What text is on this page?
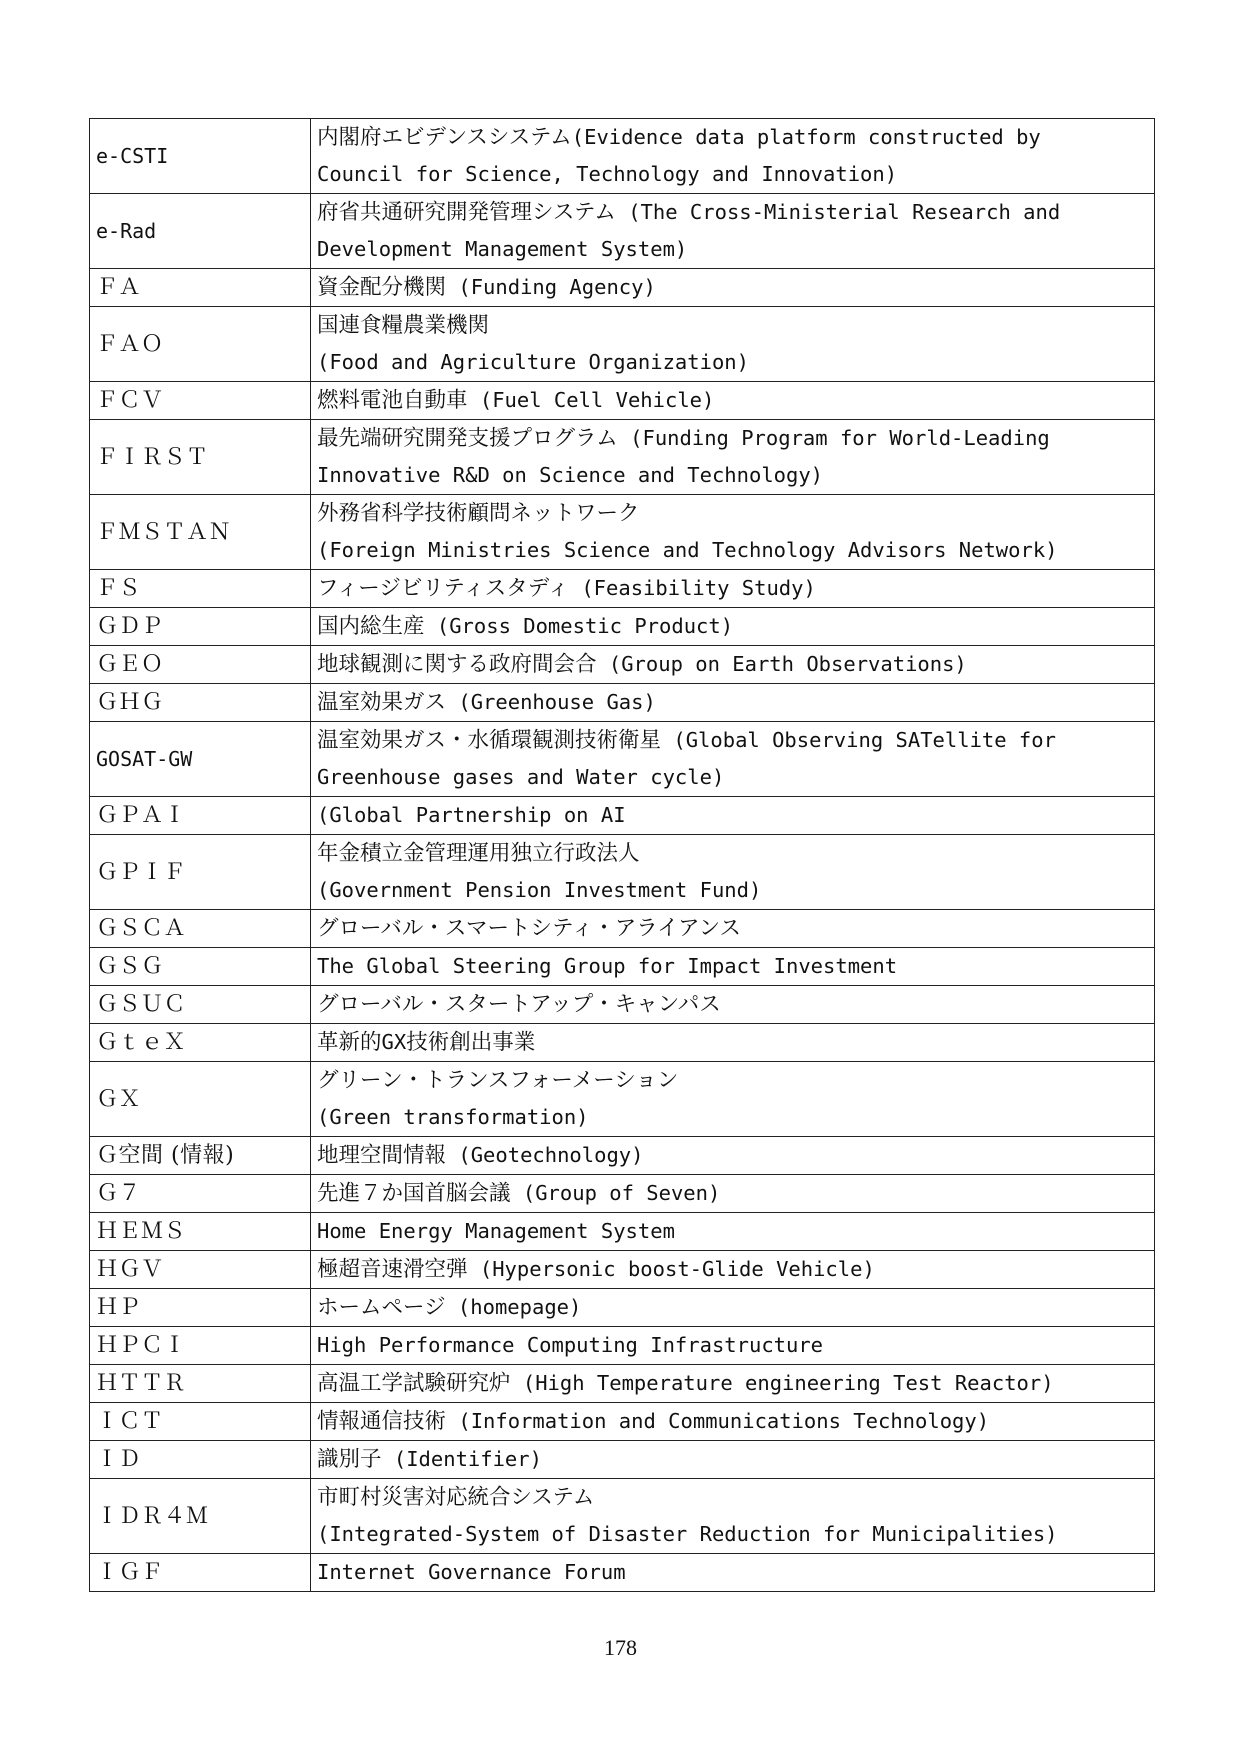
e-CSTI	内閣府エビデンスシステム(Evidence data platform constructed by
Council for Science, Technology and Innovation)

e-Rad	府省共通研究開発管理システム (The Cross-Ministerial Research and
Development Management System)

ＦＡ	資金配分機関 (Funding Agency)

ＦＡＯ	国連食糧農業機関
(Food and Agriculture Organization)

ＦＣＶ	燃料電池自動車 (Fuel Cell Vehicle)

ＦＩＲＳＴ	最先端研究開発支援プログラム (Funding Program for World-Leading
Innovative R&D on Science and Technology)

ＦＭＳＴＡＮ	外務省科学技術顧問ネットワーク
(Foreign Ministries Science and Technology Advisors Network)

ＦＳ	フィージビリティスタディ (Feasibility Study)

ＧＤＰ	国内総生産 (Gross Domestic Product)

ＧＥＯ	地球観測に関する政府間会合 (Group on Earth Observations)

ＧＨＧ	温室効果ガス (Greenhouse Gas)

GOSAT-GW	温室効果ガス・水循環観測技術衛星 (Global Observing SATellite for
Greenhouse gases and Water cycle)

ＧＰＡＩ	(Global Partnership on AI

ＧＰＩＦ	年金積立金管理運用独立行政法人
(Government Pension Investment Fund)

ＧＳＣＡ	グローバル・スマートシティ・アライアンス

ＧＳＧ	The Global Steering Group for Impact Investment

ＧＳＵＣ	グローバル・スタートアップ・キャンパス

ＧｔｅＸ	革新的GX技術創出事業

ＧＸ	グリーン・トランスフォーメーション
(Green transformation)

Ｇ空間 (情報)	地理空間情報 (Geotechnology)

Ｇ７	先進７か国首脳会議 (Group of Seven)

ＨＥＭＳ	Home Energy Management System

ＨＧＶ	極超音速滑空弾 (Hypersonic boost-Glide Vehicle)

ＨＰ	ホームページ (homepage)

ＨＰＣＩ	High Performance Computing Infrastructure

ＨＴＴＲ	高温工学試験研究炉 (High Temperature engineering Test Reactor)

ＩＣＴ	情報通信技術 (Information and Communications Technology)

ＩＤ	識別子 (Identifier)

ＩＤＲ４Ｍ	市町村災害対応統合システム
(Integrated-System of Disaster Reduction for Municipalities)

ＩＧＦ	Internet Governance Forum
178
